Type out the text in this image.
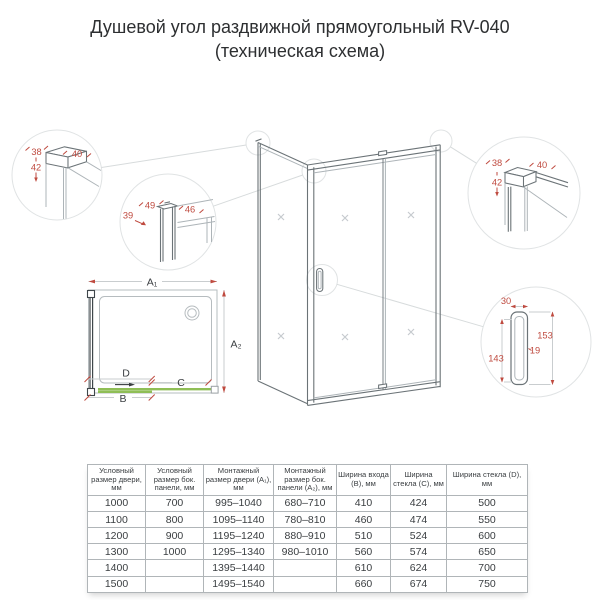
Душевой угол раздвижной прямоугольный RV-040
(техническая схема)
A₁
A₂
B
C
D
38	40
42
49	46
39
38	40
42
30
153
143
19
Условный размер двери, мм	Условный размер бок. панели, мм	Монтажный размер двери (А₁), мм	Монтажный размер бок. панели (А₂), мм	Ширина входа (B), мм	Ширина стекла (C), мм	Ширина стекла (D), мм
1000	700	995–1040	680–710	410	424	500
1100	800	1095–1140	780–810	460	474	550
1200	900	1195–1240	880–910	510	524	600
1300	1000	1295–1340	980–1010	560	574	650
1400		1395–1440		610	624	700
1500		1495–1540		660	674	750
